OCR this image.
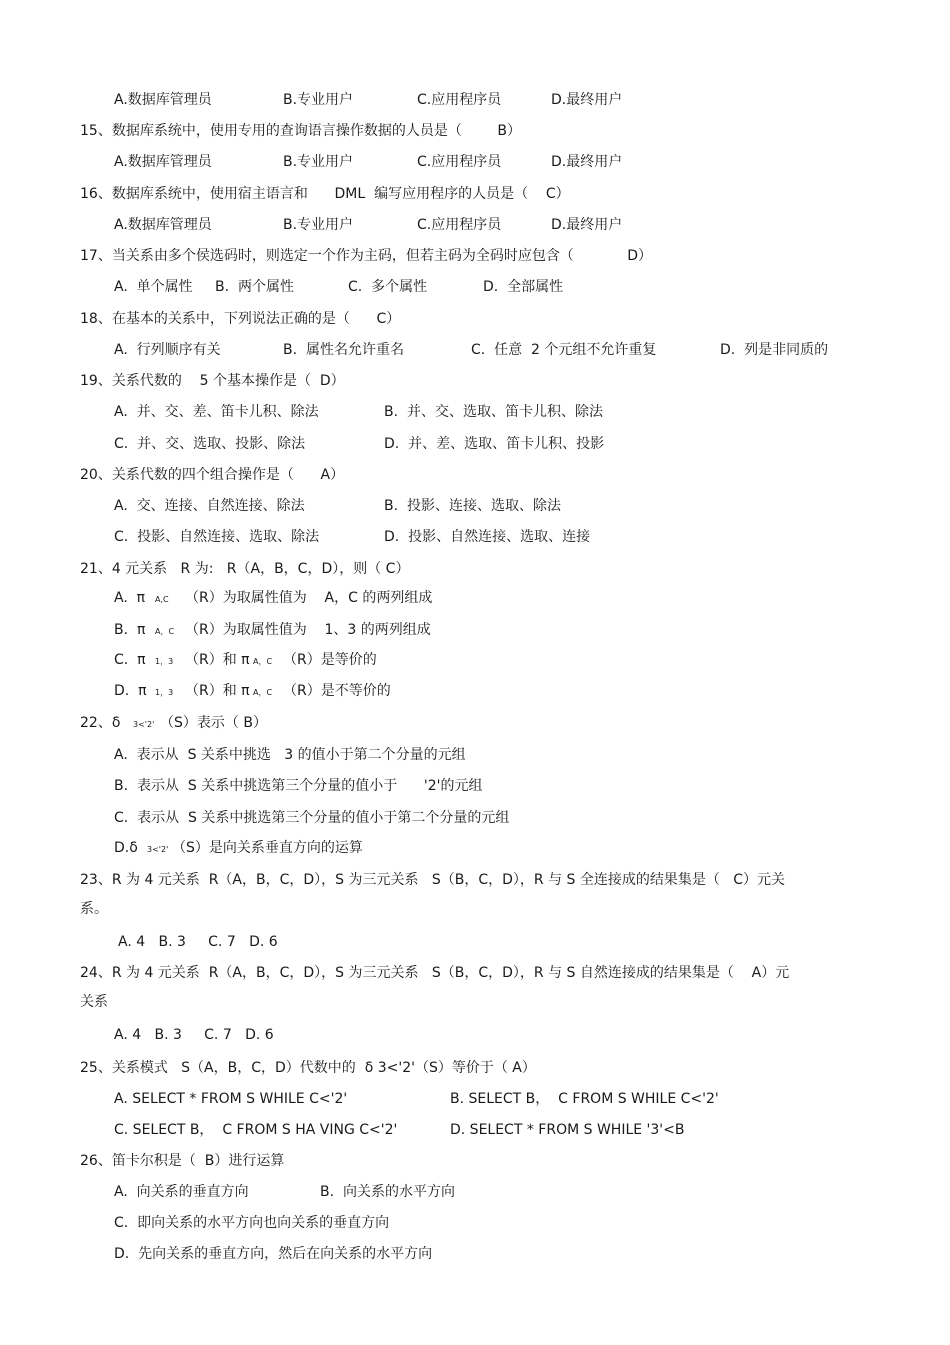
A.数据库管理员	B.专业用户	C.应用程序员	D.最终用户
15、数据库系统中，使用专用的查询语言操作数据的人员是（        B）
A.数据库管理员	B.专业用户	C.应用程序员	D.最终用户
16、数据库系统中，使用宿主语言和      DML  编写应用程序的人员是（    C）
A.数据库管理员	B.专业用户	C.应用程序员	D.最终用户
17、当关系由多个侯选码时，则选定一个作为主码，但若主码为全码时应包含（            D）
A.  单个属性 B.  两个属性	C.  多个属性	D.  全部属性
18、在基本的关系中，下列说法正确的是（      C）
A.  行列顺序有关	B.  属性名允许重名	C.  任意  2 个元组不允许重复	D.  列是非同质的
19、关系代数的    5 个基本操作是（  D）
A.  并、交、差、笛卡儿积、除法	B.  并、交、选取、笛卡儿积、除法
C.  并、交、选取、投影、除法	D.  并、差、选取、笛卡儿积、投影
20、关系代数的四个组合操作是（      A）
A.  交、连接、自然连接、除法	B.  投影、连接、选取、除法
C.  投影、自然连接、选取、除法	D.  投影、自然连接、选取、连接
21、4 元关系   R 为:   R（A，B，C，D），则（ C）
A.  π A,C （R）为取属性值为    A，C 的两列组成
B.  π A，C （R）为取属性值为    1、3 的两列组成
C.  π 1，3 （R）和 π
A，C （R）是等价的
D.  π 1，3 （R）和 π
A，C （R）是不等价的
22、δ 3<'2' （S）表示（ B）
A.  表示从  S 关系中挑选   3 的值小于第二个分量的元组
B.  表示从  S 关系中挑选第三个分量的值小于      '2'的元组
C.  表示从  S 关系中挑选第三个分量的值小于第二个分量的元组
D.δ 3<'2' （S）是向关系垂直方向的运算
23、R 为 4 元关系  R（A，B，C，D），S 为三元关系   S（B，C，D），R 与 S 全连接成的结果集是（   C）元关
系。
A. 4   B. 3     C. 7   D. 6
24、R 为 4 元关系  R（A，B，C，D），S 为三元关系   S（B，C，D），R 与 S 自然连接成的结果集是（    A）元
关系
A. 4   B. 3     C. 7   D. 6
25、关系模式   S（A，B，C，D）代数中的  δ 3<'2'（S）等价于（ A）
A. SELECT * FROM S WHILE C<'2'	B. SELECT B，  C FROM S WHILE C<'2'
C. SELECT B，  C FROM S HA VING C<'2'	D. SELECT * FROM S WHILE '3'<B
26、笛卡尔积是（  B）进行运算
A.  向关系的垂直方向	B.  向关系的水平方向
C.  即向关系的水平方向也向关系的垂直方向
D.  先向关系的垂直方向，然后在向关系的水平方向
